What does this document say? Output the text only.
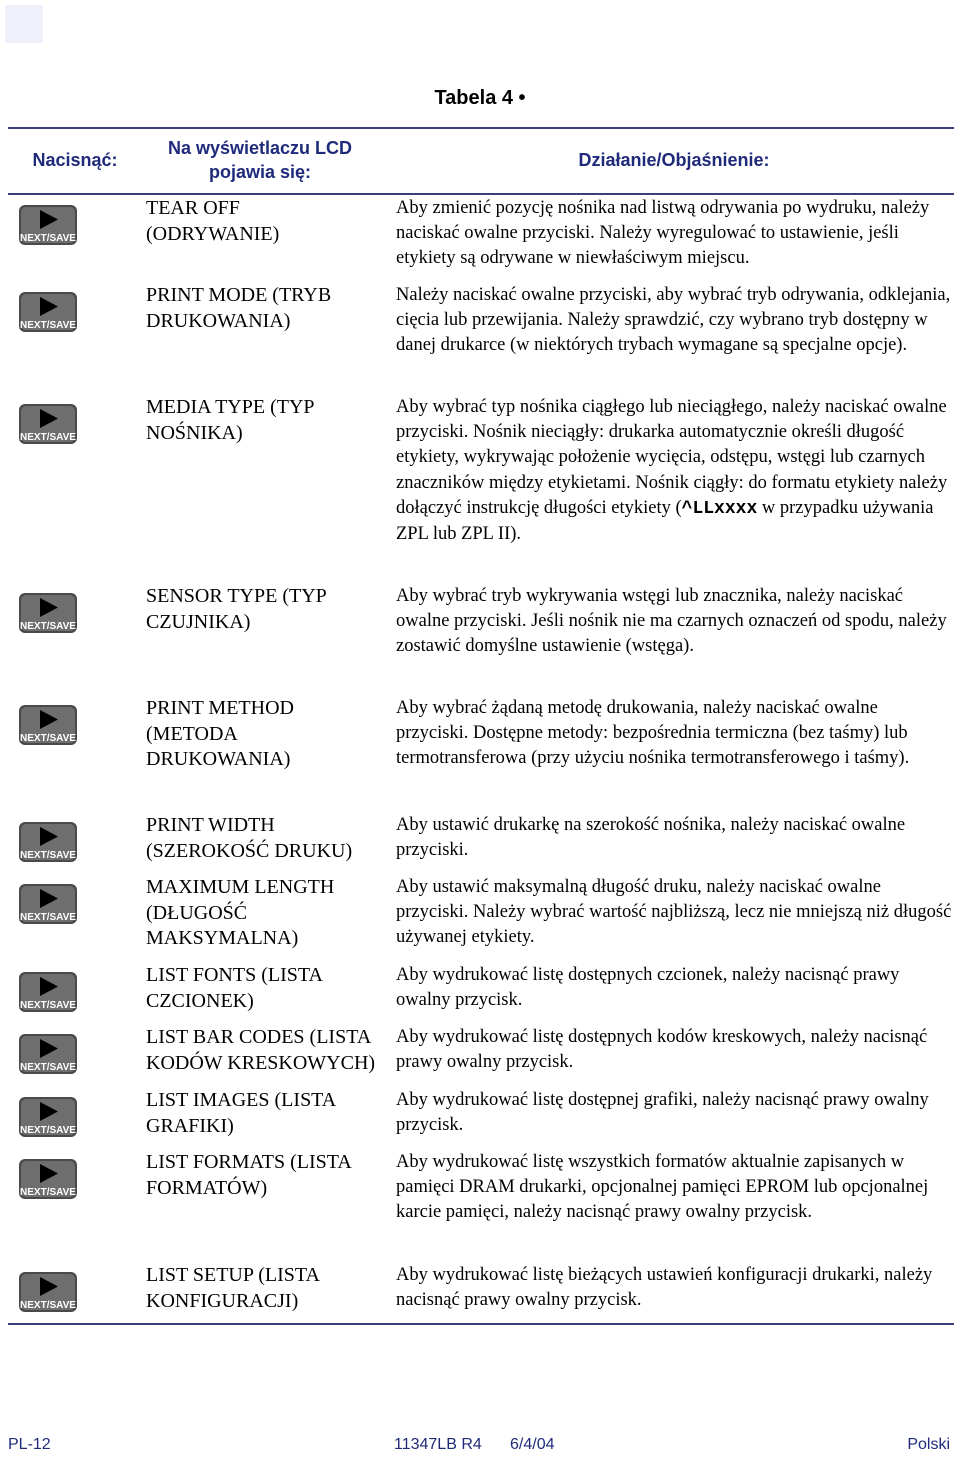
Tabela 4 •
Nacisnąć:
Na wyświetlaczu LCD
pojawia się:
Działanie/Objaśnienie:
NEXT/SAVE
TEAR OFF
(ODRYWANIE)
Aby zmienić pozycję nośnika nad listwą odrywania po wydruku, należy naciskać owalne przyciski. Należy wyregulować to ustawienie, jeśli etykiety są odrywane w niewłaściwym miejscu.
NEXT/SAVE
PRINT MODE (TRYB
DRUKOWANIA)
Należy naciskać owalne przyciski, aby wybrać tryb odrywania, odklejania, cięcia lub przewijania. Należy sprawdzić, czy wybrano tryb dostępny w danej drukarce (w niektórych trybach wymagane są specjalne opcje).
NEXT/SAVE
MEDIA TYPE (TYP
NOŚNIKA)
Aby wybrać typ nośnika ciągłego lub nieciągłego, należy naciskać owalne przyciski. Nośnik nieciągły: drukarka automatycznie określi długość etykiety, wykrywając położenie wycięcia, odstępu, wstęgi lub czarnych znaczników między etykietami. Nośnik ciągły: do formatu etykiety należy dołączyć instrukcję długości etykiety (^LLxxxx w przypadku używania ZPL lub ZPL II).
NEXT/SAVE
SENSOR TYPE (TYP
CZUJNIKA)
Aby wybrać tryb wykrywania wstęgi lub znacznika, należy naciskać owalne przyciski. Jeśli nośnik nie ma czarnych oznaczeń od spodu, należy zostawić domyślne ustawienie (wstęga).
NEXT/SAVE
PRINT METHOD
(METODA
DRUKOWANIA)
Aby wybrać żądaną metodę drukowania, należy naciskać owalne przyciski. Dostępne metody: bezpośrednia termiczna (bez taśmy) lub termotransferowa (przy użyciu nośnika termotransferowego i taśmy).
NEXT/SAVE
PRINT WIDTH
(SZEROKOŚĆ DRUKU)
Aby ustawić drukarkę na szerokość nośnika, należy naciskać owalne przyciski.
NEXT/SAVE
MAXIMUM LENGTH
(DŁUGOŚĆ
MAKSYMALNA)
Aby ustawić maksymalną długość druku, należy naciskać owalne przyciski. Należy wybrać wartość najbliższą, lecz nie mniejszą niż długość używanej etykiety.
NEXT/SAVE
LIST FONTS (LISTA
CZCIONEK)
Aby wydrukować listę dostępnych czcionek, należy nacisnąć prawy owalny przycisk.
NEXT/SAVE
LIST BAR CODES (LISTA
KODÓW KRESKOWYCH)
Aby wydrukować listę dostępnych kodów kreskowych, należy nacisnąć prawy owalny przycisk.
NEXT/SAVE
LIST IMAGES (LISTA
GRAFIKI)
Aby wydrukować listę dostępnej grafiki, należy nacisnąć prawy owalny przycisk.
NEXT/SAVE
LIST FORMATS (LISTA
FORMATÓW)
Aby wydrukować listę wszystkich formatów aktualnie zapisanych w pamięci DRAM drukarki, opcjonalnej pamięci EPROM lub opcjonalnej karcie pamięci, należy nacisnąć prawy owalny przycisk.
NEXT/SAVE
LIST SETUP (LISTA
KONFIGURACJI)
Aby wydrukować listę bieżących ustawień konfiguracji drukarki, należy nacisnąć prawy owalny przycisk.
PL-12	11347LB R4 6/4/04	Polski
